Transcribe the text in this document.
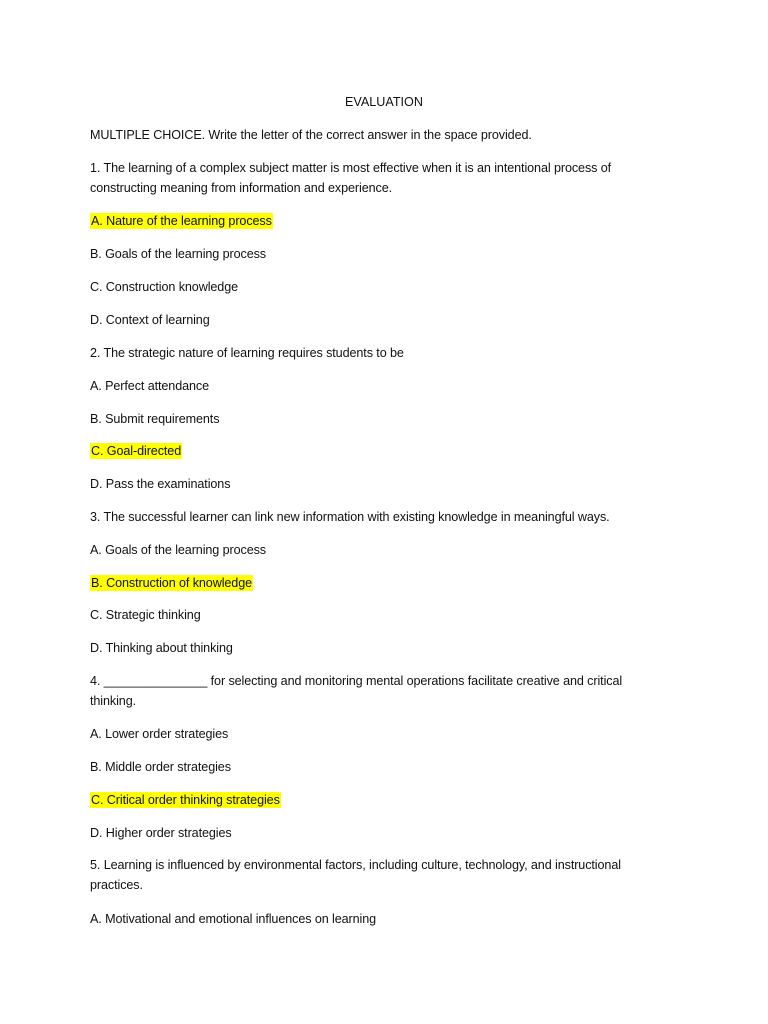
EVALUATION
MULTIPLE CHOICE. Write the letter of the correct answer in the space provided.
1. The learning of a complex subject matter is most effective when it is an intentional process of
constructing meaning from information and experience.
A. Nature of the learning process
B. Goals of the learning process
C. Construction knowledge
D. Context of learning
2. The strategic nature of learning requires students to be
A. Perfect attendance
B. Submit requirements
C. Goal-directed
D. Pass the examinations
3. The successful learner can link new information with existing knowledge in meaningful ways.
A. Goals of the learning process
B. Construction of knowledge
C. Strategic thinking
D. Thinking about thinking
4. _______________ for selecting and monitoring mental operations facilitate creative and critical
thinking.
A. Lower order strategies
B. Middle order strategies
C. Critical order thinking strategies
D. Higher order strategies
5. Learning is influenced by environmental factors, including culture, technology, and instructional
practices.
A. Motivational and emotional influences on learning
